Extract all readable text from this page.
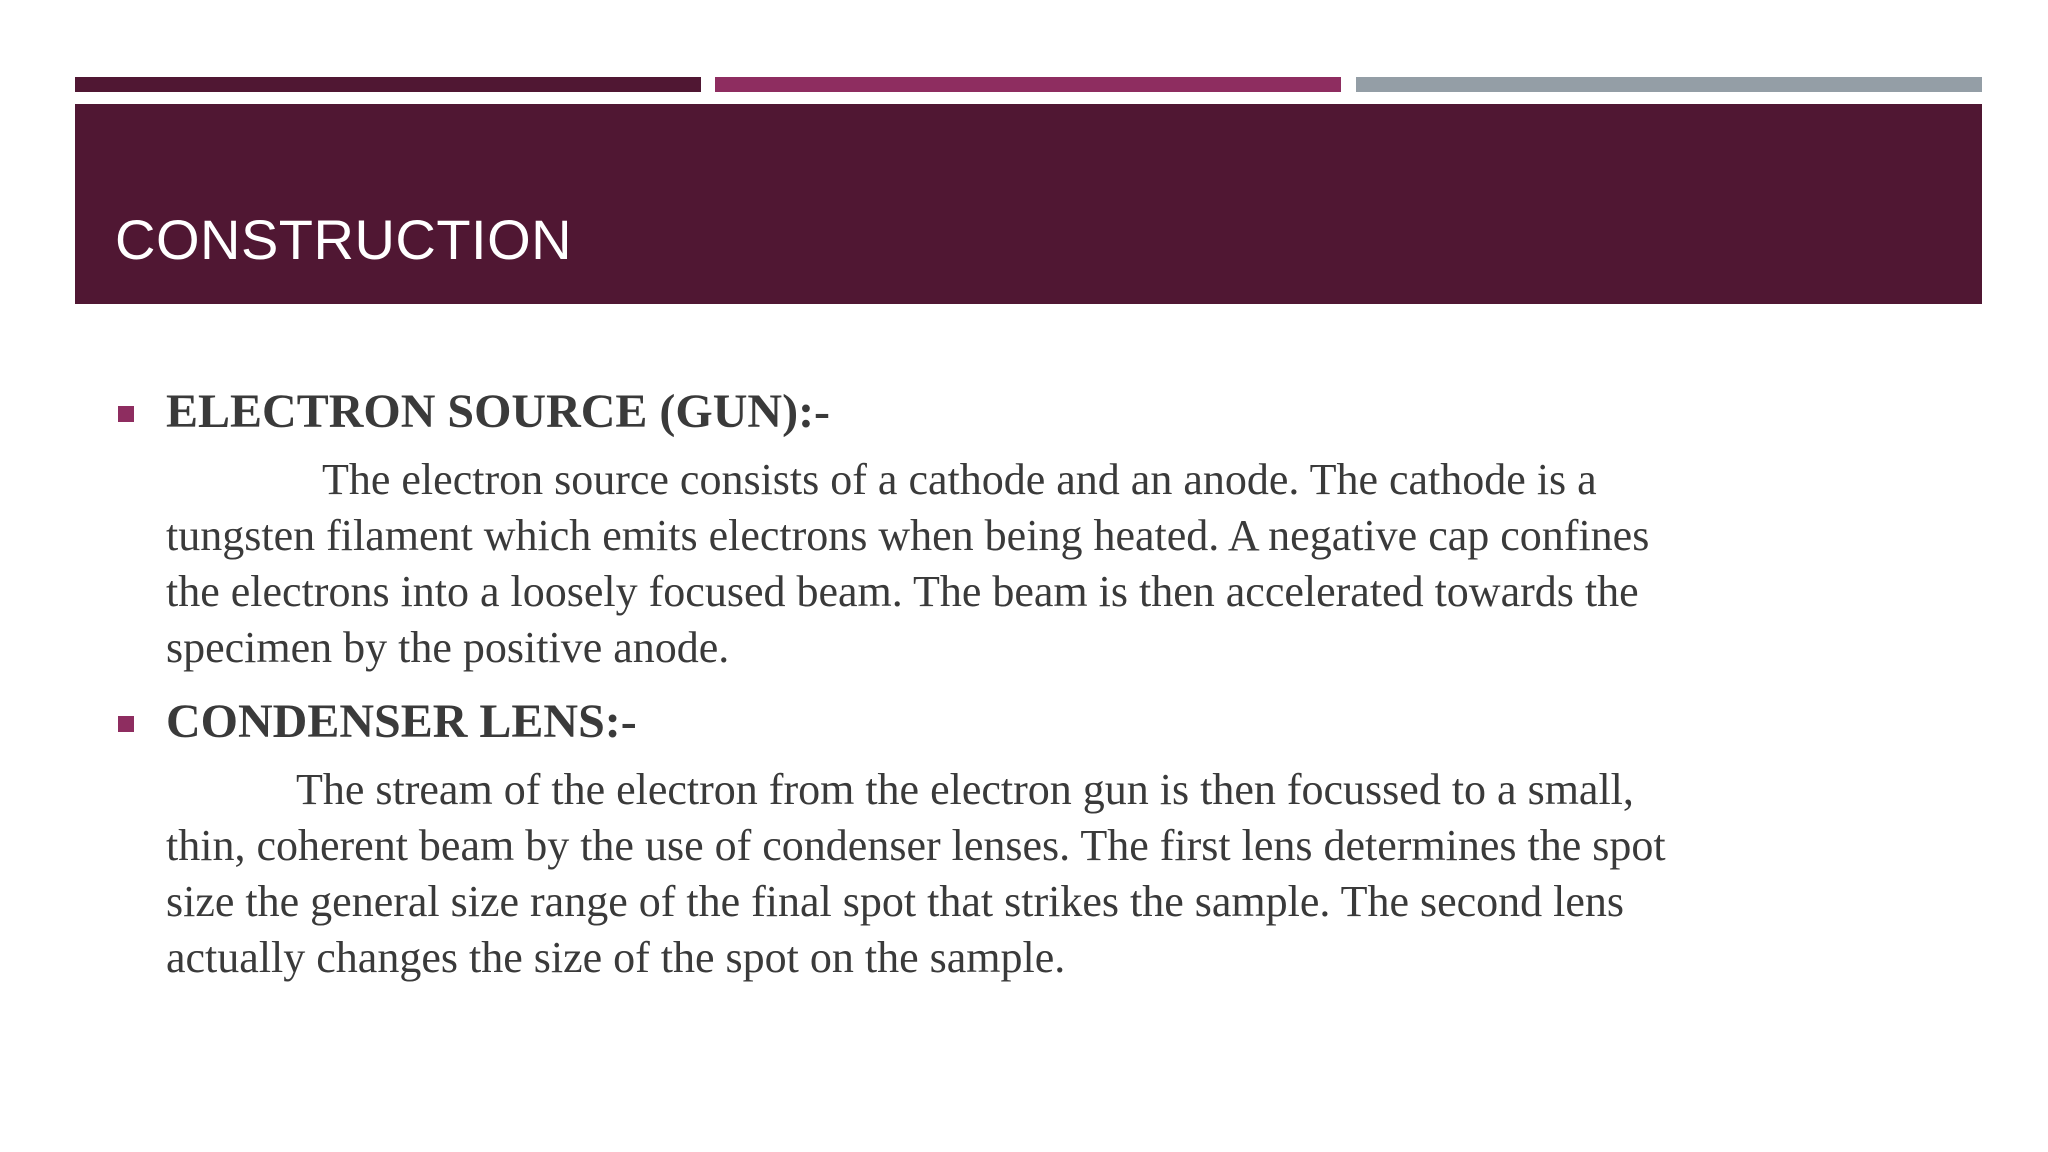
CONSTRUCTION
ELECTRON SOURCE (GUN):-
The electron source consists of a cathode and an anode. The cathode is a
tungsten filament which emits electrons when being heated. A negative cap confines
the electrons into a loosely focused beam. The beam is then accelerated towards the
specimen by the positive anode.
CONDENSER LENS:-
The stream of the electron from the electron gun is then focussed to a small,
thin, coherent beam by the use of condenser lenses. The first lens determines the spot
size the general size range of the final spot that strikes the sample. The second lens
actually changes the size of the spot on the sample.
